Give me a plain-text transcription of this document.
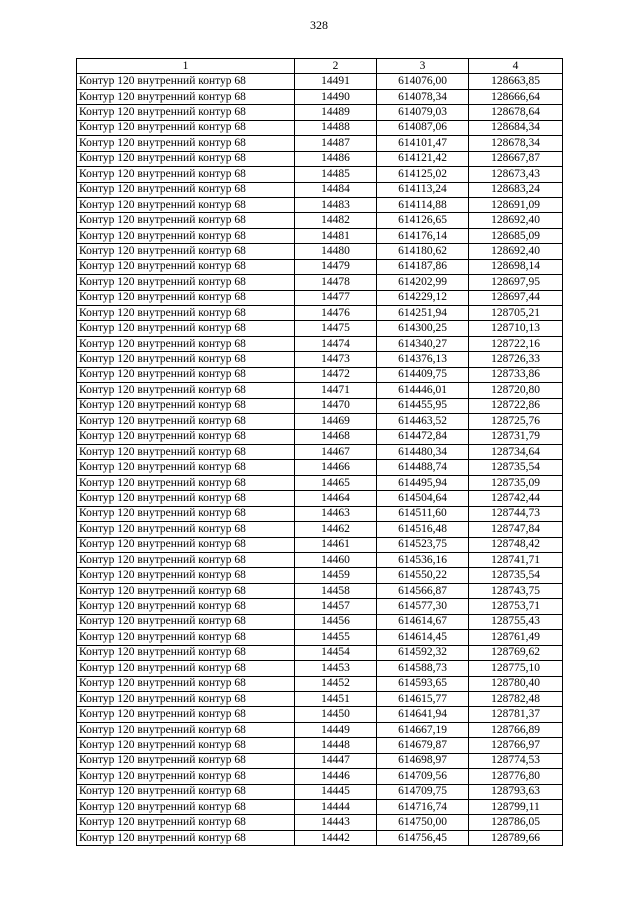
328
1	2	3	4
Контур 120 внутренний контур 68	14491	614076,00	128663,85
Контур 120 внутренний контур 68	14490	614078,34	128666,64
Контур 120 внутренний контур 68	14489	614079,03	128678,64
Контур 120 внутренний контур 68	14488	614087,06	128684,34
Контур 120 внутренний контур 68	14487	614101,47	128678,34
Контур 120 внутренний контур 68	14486	614121,42	128667,87
Контур 120 внутренний контур 68	14485	614125,02	128673,43
Контур 120 внутренний контур 68	14484	614113,24	128683,24
Контур 120 внутренний контур 68	14483	614114,88	128691,09
Контур 120 внутренний контур 68	14482	614126,65	128692,40
Контур 120 внутренний контур 68	14481	614176,14	128685,09
Контур 120 внутренний контур 68	14480	614180,62	128692,40
Контур 120 внутренний контур 68	14479	614187,86	128698,14
Контур 120 внутренний контур 68	14478	614202,99	128697,95
Контур 120 внутренний контур 68	14477	614229,12	128697,44
Контур 120 внутренний контур 68	14476	614251,94	128705,21
Контур 120 внутренний контур 68	14475	614300,25	128710,13
Контур 120 внутренний контур 68	14474	614340,27	128722,16
Контур 120 внутренний контур 68	14473	614376,13	128726,33
Контур 120 внутренний контур 68	14472	614409,75	128733,86
Контур 120 внутренний контур 68	14471	614446,01	128720,80
Контур 120 внутренний контур 68	14470	614455,95	128722,86
Контур 120 внутренний контур 68	14469	614463,52	128725,76
Контур 120 внутренний контур 68	14468	614472,84	128731,79
Контур 120 внутренний контур 68	14467	614480,34	128734,64
Контур 120 внутренний контур 68	14466	614488,74	128735,54
Контур 120 внутренний контур 68	14465	614495,94	128735,09
Контур 120 внутренний контур 68	14464	614504,64	128742,44
Контур 120 внутренний контур 68	14463	614511,60	128744,73
Контур 120 внутренний контур 68	14462	614516,48	128747,84
Контур 120 внутренний контур 68	14461	614523,75	128748,42
Контур 120 внутренний контур 68	14460	614536,16	128741,71
Контур 120 внутренний контур 68	14459	614550,22	128735,54
Контур 120 внутренний контур 68	14458	614566,87	128743,75
Контур 120 внутренний контур 68	14457	614577,30	128753,71
Контур 120 внутренний контур 68	14456	614614,67	128755,43
Контур 120 внутренний контур 68	14455	614614,45	128761,49
Контур 120 внутренний контур 68	14454	614592,32	128769,62
Контур 120 внутренний контур 68	14453	614588,73	128775,10
Контур 120 внутренний контур 68	14452	614593,65	128780,40
Контур 120 внутренний контур 68	14451	614615,77	128782,48
Контур 120 внутренний контур 68	14450	614641,94	128781,37
Контур 120 внутренний контур 68	14449	614667,19	128766,89
Контур 120 внутренний контур 68	14448	614679,87	128766,97
Контур 120 внутренний контур 68	14447	614698,97	128774,53
Контур 120 внутренний контур 68	14446	614709,56	128776,80
Контур 120 внутренний контур 68	14445	614709,75	128793,63
Контур 120 внутренний контур 68	14444	614716,74	128799,11
Контур 120 внутренний контур 68	14443	614750,00	128786,05
Контур 120 внутренний контур 68	14442	614756,45	128789,66
